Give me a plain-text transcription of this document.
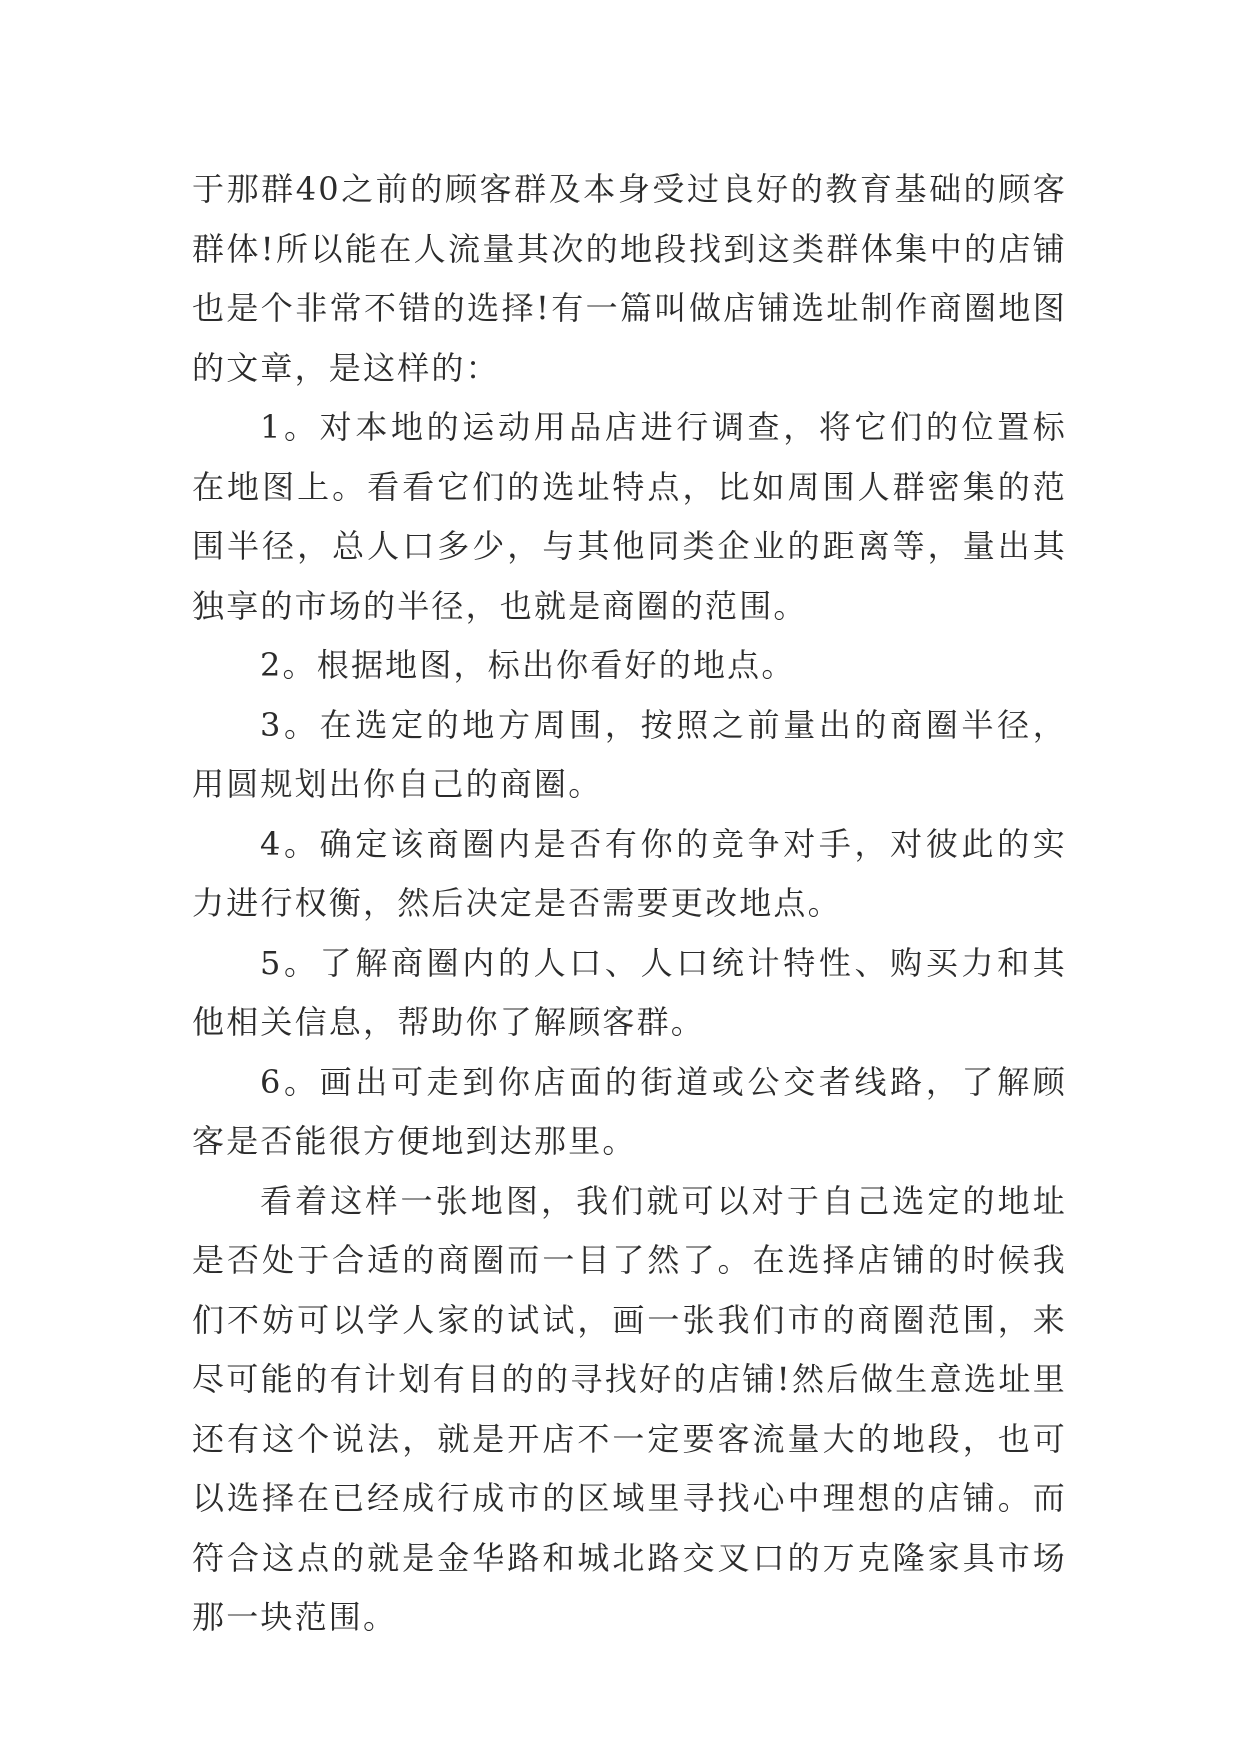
于那群40之前的顾客群及本身受过良好的教育基础的顾客群体!所以能在人流量其次的地段找到这类群体集中的店铺也是个非常不错的选择!有一篇叫做店铺选址制作商圈地图的文章，是这样的：

1。对本地的运动用品店进行调查，将它们的位置标在地图上。看看它们的选址特点，比如周围人群密集的范围半径，总人口多少，与其他同类企业的距离等，量出其独享的市场的半径，也就是商圈的范围。

2。根据地图，标出你看好的地点。

3。在选定的地方周围，按照之前量出的商圈半径，用圆规划出你自己的商圈。

4。确定该商圈内是否有你的竞争对手，对彼此的实力进行权衡，然后决定是否需要更改地点。

5。了解商圈内的人口、人口统计特性、购买力和其他相关信息，帮助你了解顾客群。

6。画出可走到你店面的街道或公交者线路，了解顾客是否能很方便地到达那里。

看着这样一张地图，我们就可以对于自己选定的地址是否处于合适的商圈而一目了然了。在选择店铺的时候我们不妨可以学人家的试试，画一张我们市的商圈范围，来尽可能的有计划有目的的寻找好的店铺!然后做生意选址里还有这个说法，就是开店不一定要客流量大的地段，也可以选择在已经成行成市的区域里寻找心中理想的店铺。而符合这点的就是金华路和城北路交叉口的万克隆家具市场那一块范围。
